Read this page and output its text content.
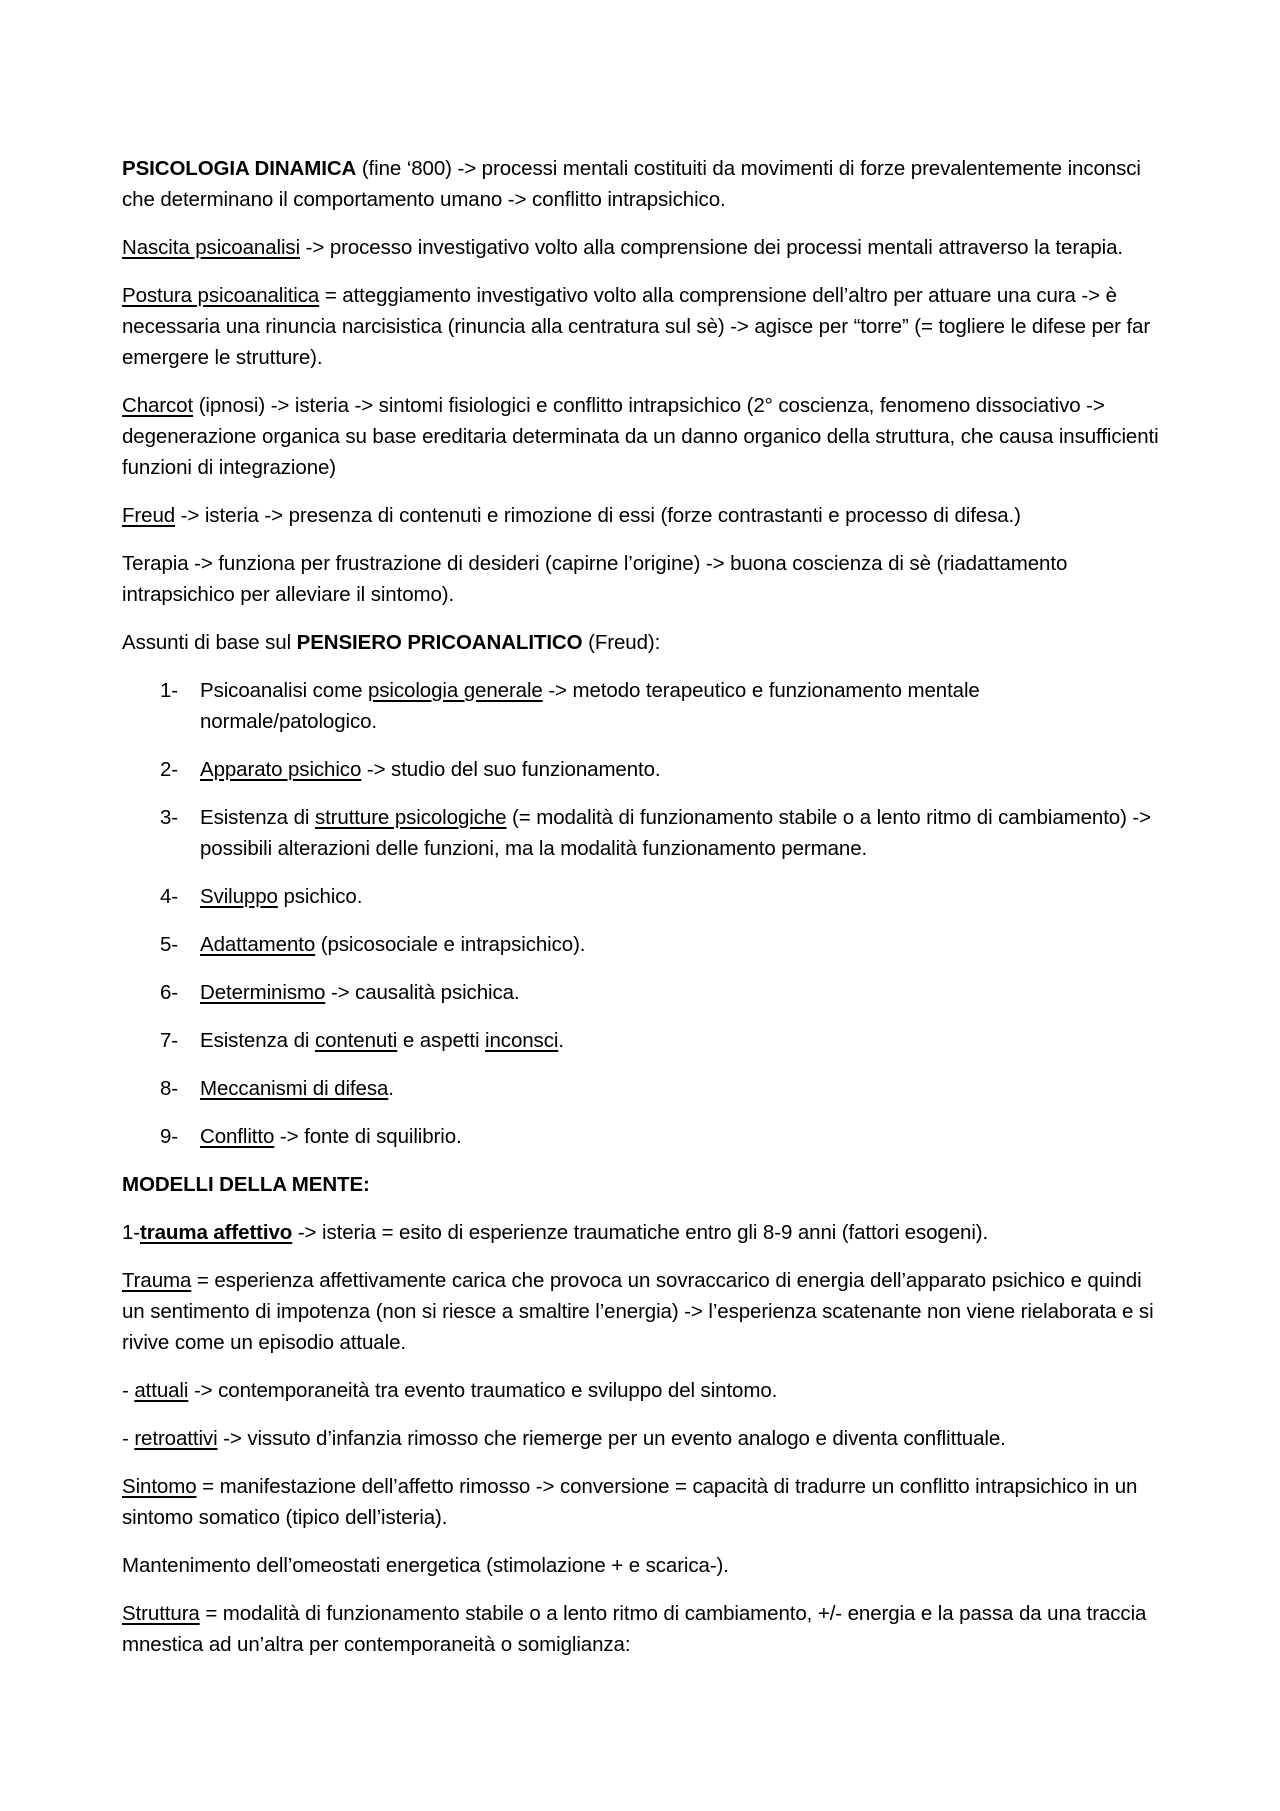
PSICOLOGIA DINAMICA (fine ‘800) -> processi mentali costituiti da movimenti di forze prevalentemente inconsci che determinano il comportamento umano -> conflitto intrapsichico.

Nascita psicoanalisi -> processo investigativo volto alla comprensione dei processi mentali attraverso la terapia.

Postura psicoanalitica = atteggiamento investigativo volto alla comprensione dell’altro per attuare una cura -> è necessaria una rinuncia narcisistica (rinuncia alla centratura sul sè) -> agisce per “torre” (= togliere le difese per far emergere le strutture).

Charcot (ipnosi) -> isteria -> sintomi fisiologici e conflitto intrapsichico (2° coscienza, fenomeno dissociativo -> degenerazione organica su base ereditaria determinata da un danno organico della struttura, che causa insufficienti funzioni di integrazione)

Freud -> isteria -> presenza di contenuti e rimozione di essi (forze contrastanti e processo di difesa.)

Terapia -> funziona per frustrazione di desideri (capirne l’origine) -> buona coscienza di sè (riadattamento intrapsichico per alleviare il sintomo).

Assunti di base sul PENSIERO PRICOANALITICO (Freud):

1- Psicoanalisi come psicologia generale -> metodo terapeutico e funzionamento mentale normale/patologico.
2- Apparato psichico -> studio del suo funzionamento.
3- Esistenza di strutture psicologiche (= modalità di funzionamento stabile o a lento ritmo di cambiamento) -> possibili alterazioni delle funzioni, ma la modalità funzionamento permane.
4- Sviluppo psichico.
5- Adattamento (psicosociale e intrapsichico).
6- Determinismo -> causalità psichica.
7- Esistenza di contenuti e aspetti inconsci.
8- Meccanismi di difesa.
9- Conflitto -> fonte di squilibrio.

MODELLI DELLA MENTE:

1-trauma affettivo -> isteria = esito di esperienze traumatiche entro gli 8-9 anni (fattori esogeni).

Trauma = esperienza affettivamente carica che provoca un sovraccarico di energia dell’apparato psichico e quindi un sentimento di impotenza (non si riesce a smaltire l’energia) -> l’esperienza scatenante non viene rielaborata e si rivive come un episodio attuale.

- attuali -> contemporaneità tra evento traumatico e sviluppo del sintomo.

- retroattivi -> vissuto d’infanzia rimosso che riemerge per un evento analogo e diventa conflittuale.

Sintomo = manifestazione dell’affetto rimosso -> conversione = capacità di tradurre un conflitto intrapsichico in un sintomo somatico (tipico dell’isteria).

Mantenimento dell’omeostati energetica (stimolazione + e scarica-).

Struttura = modalità di funzionamento stabile o a lento ritmo di cambiamento, +/- energia e la passa da una traccia mnestica ad un’altra per contemporaneità o somiglianza:
